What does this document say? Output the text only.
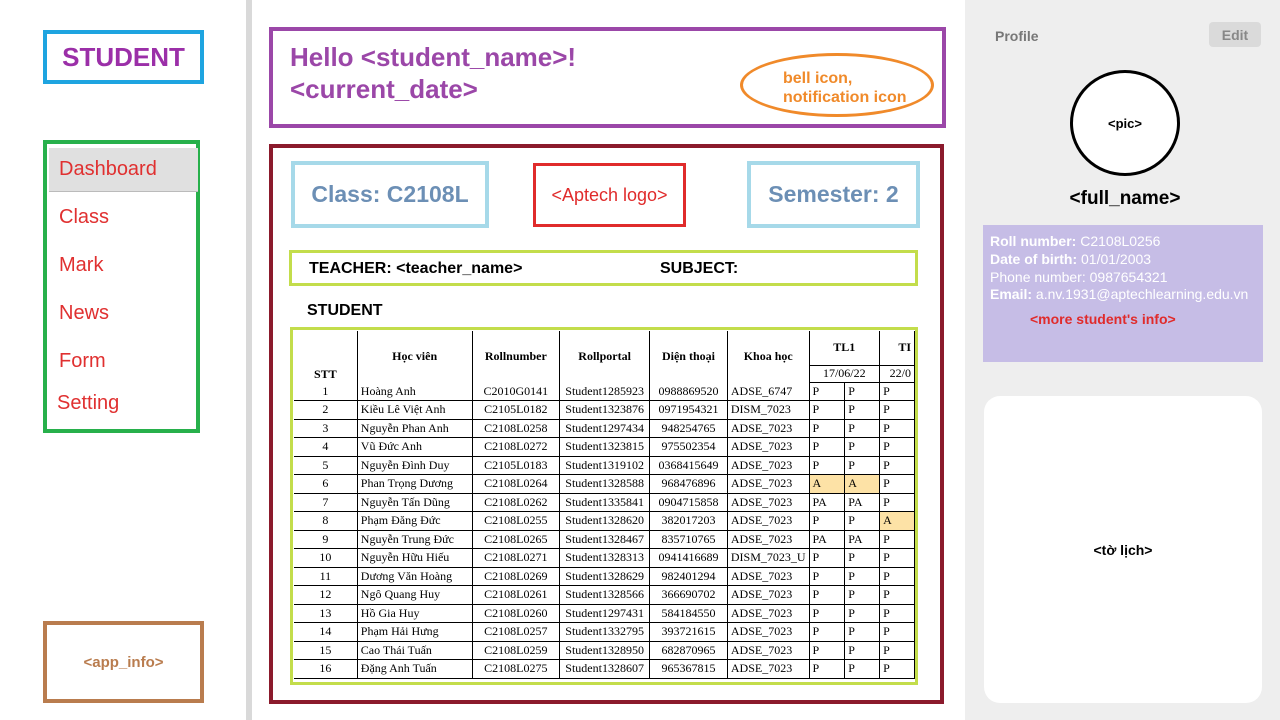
STUDENT
Dashboard
Class
Mark
News
Form
Setting
<app_info>
Hello <student_name>!
<current_date>	bell icon,
notification icon
Class: C2108L	<Aptech logo>	Semester: 2
TEACHER: <teacher_name>	SUBJECT:
STUDENT
STT	Học viên	Rollnumber	Rollportal	Diện thoại	Khoa học	TL1		TI
						17/06/22		22/0
1	Hoàng Anh	C2010G0141	Student1285923	0988869520	ADSE_6747	P	P	P
2	Kiều Lê Việt Anh	C2105L0182	Student1323876	0971954321	DISM_7023	P	P	P
3	Nguyễn Phan Anh	C2108L0258	Student1297434	948254765	ADSE_7023	P	P	P
4	Vũ Đức Anh	C2108L0272	Student1323815	975502354	ADSE_7023	P	P	P
5	Nguyễn Đình Duy	C2105L0183	Student1319102	0368415649	ADSE_7023	P	P	P
6	Phan Trọng Dương	C2108L0264	Student1328588	968476896	ADSE_7023	A	A	P
7	Nguyễn Tấn Dũng	C2108L0262	Student1335841	0904715858	ADSE_7023	PA	PA	P
8	Phạm Đăng Đức	C2108L0255	Student1328620	382017203	ADSE_7023	P	P	A
9	Nguyễn Trung Đức	C2108L0265	Student1328467	835710765	ADSE_7023	PA	PA	P
10	Nguyễn Hữu Hiếu	C2108L0271	Student1328313	0941416689	DISM_7023_U	P	P	P
11	Dương Văn Hoàng	C2108L0269	Student1328629	982401294	ADSE_7023	P	P	P
12	Ngô Quang Huy	C2108L0261	Student1328566	366690702	ADSE_7023	P	P	P
13	Hồ Gia Huy	C2108L0260	Student1297431	584184550	ADSE_7023	P	P	P
14	Phạm Hải Hưng	C2108L0257	Student1332795	393721615	ADSE_7023	P	P	P
15	Cao Thái Tuấn	C2108L0259	Student1328950	682870965	ADSE_7023	P	P	P
16	Đặng Anh Tuấn	C2108L0275	Student1328607	965367815	ADSE_7023	P	P	P
Profile	Edit
<pic>
<full_name>
Roll number: C2108L0256
Date of birth: 01/01/2003
Phone number: 0987654321
Email: a.nv.1931@aptechlearning.edu.vn
<more student's info>
<tờ lịch>
